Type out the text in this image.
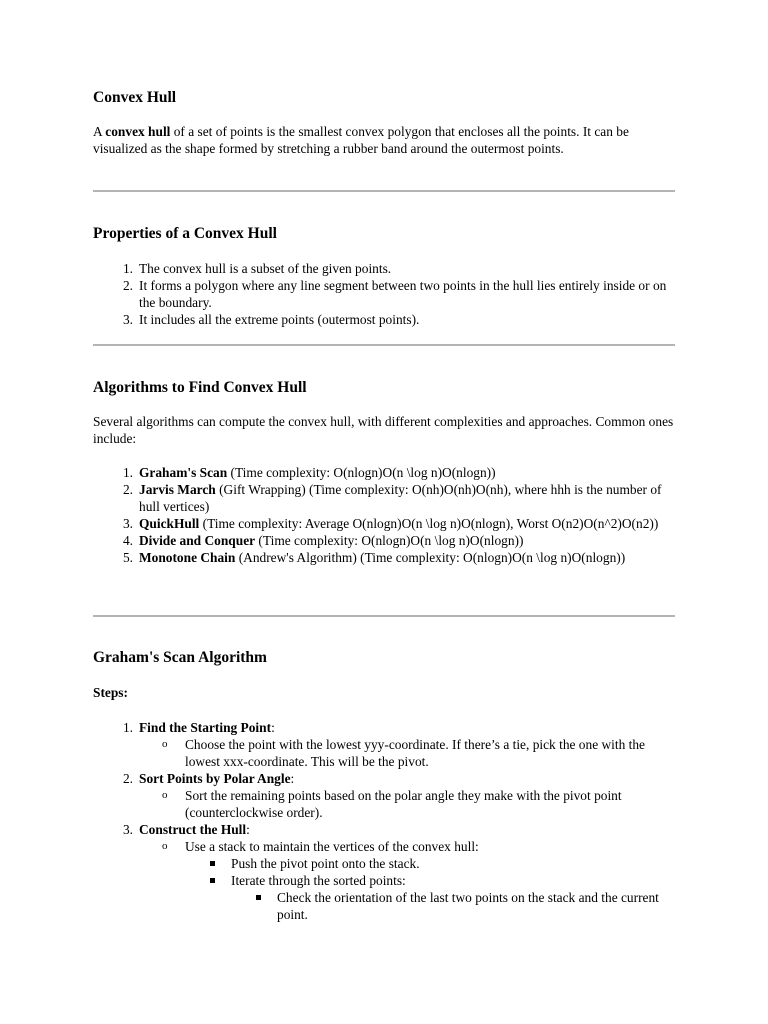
Convex Hull

A convex hull of a set of points is the smallest convex polygon that encloses all the points. It can be visualized as the shape formed by stretching a rubber band around the outermost points.

Properties of a Convex Hull
1. The convex hull is a subset of the given points.
2. It forms a polygon where any line segment between two points in the hull lies entirely inside or on the boundary.
3. It includes all the extreme points (outermost points).
Algorithms to Find Convex Hull

Several algorithms can compute the convex hull, with different complexities and approaches. Common ones include:

1. Graham's Scan (Time complexity: O(nlogn)O(n \log n)O(nlogn))
2. Jarvis March (Gift Wrapping) (Time complexity: O(nh)O(nh)O(nh), where hhh is the number of hull vertices)
3. QuickHull (Time complexity: Average O(nlogn)O(n \log n)O(nlogn), Worst O(n2)O(n^2)O(n2))
4. Divide and Conquer (Time complexity: O(nlogn)O(n \log n)O(nlogn))
5. Monotone Chain (Andrew's Algorithm) (Time complexity: O(nlogn)O(n \log n)O(nlogn))
Graham's Scan Algorithm

Steps:

1. Find the Starting Point:
o Choose the point with the lowest yyy-coordinate. If there’s a tie, pick the one with the lowest xxx-coordinate. This will be the pivot.
2. Sort Points by Polar Angle:
o Sort the remaining points based on the polar angle they make with the pivot point (counterclockwise order).
3. Construct the Hull:
o Use a stack to maintain the vertices of the convex hull:
Push the pivot point onto the stack.
Iterate through the sorted points:
Check the orientation of the last two points on the stack and the current point.
